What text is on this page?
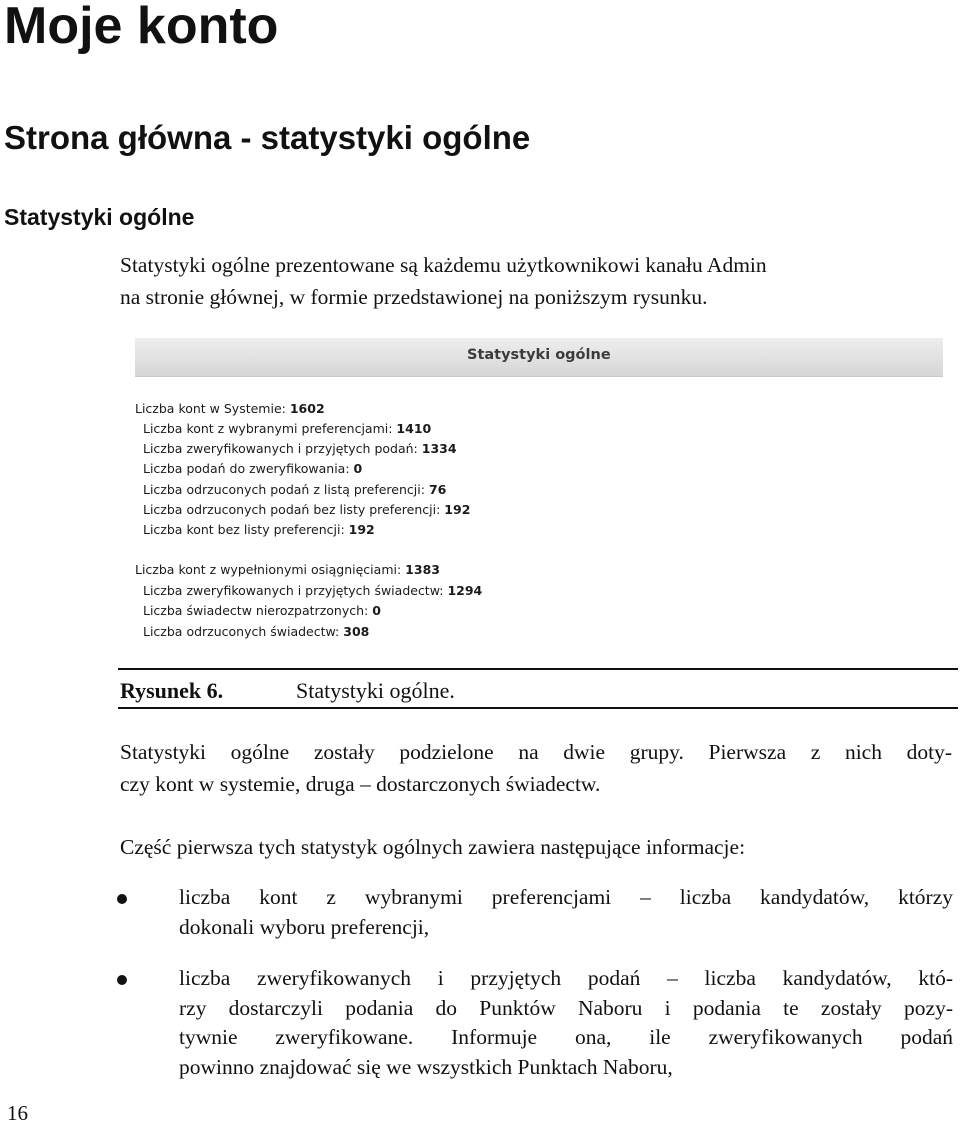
Moje konto
Strona główna - statystyki ogólne
Statystyki ogólne

Statystyki ogólne prezentowane są każdemu użytkownikowi kanału Admin
na stronie głównej, w formie przedstawionej na poniższym rysunku.

Statystyki ogólne
Liczba kont w Systemie: 1602
Liczba kont z wybranymi preferencjami: 1410
Liczba zweryfikowanych i przyjętych podań: 1334
Liczba podań do zweryfikowania: 0
Liczba odrzuconych podań z listą preferencji: 76
Liczba odrzuconych podań bez listy preferencji: 192
Liczba kont bez listy preferencji: 192
Liczba kont z wypełnionymi osiągnięciami: 1383
Liczba zweryfikowanych i przyjętych świadectw: 1294
Liczba świadectw nierozpatrzonych: 0
Liczba odrzuconych świadectw: 308
Rysunek 6.	Statystyki ogólne.

Statystyki ogólne zostały podzielone na dwie grupy. Pierwsza z nich doty-
czy kont w systemie, druga – dostarczonych świadectw.

Część pierwsza tych statystyk ogólnych zawiera następujące informacje:

liczba kont z wybranymi preferencjami – liczba kandydatów, którzy
dokonali wyboru preferencji,

liczba zweryfikowanych i przyjętych podań – liczba kandydatów, któ-
rzy dostarczyli podania do Punktów Naboru i podania te zostały pozy-
tywnie zweryfikowane. Informuje ona, ile zweryfikowanych podań
powinno znajdować się we wszystkich Punktach Naboru,

16
